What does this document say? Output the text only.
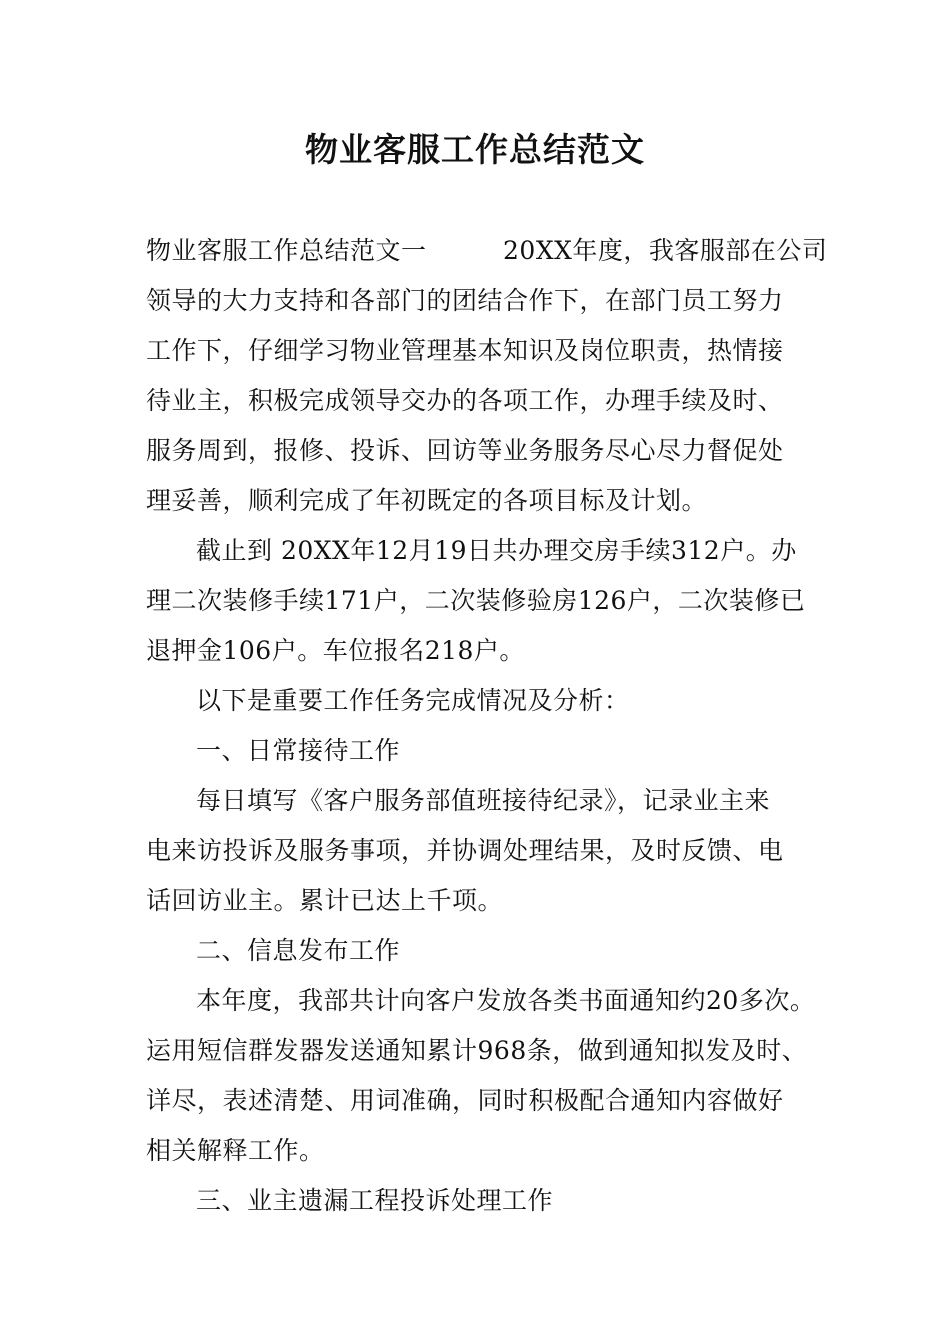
物业客服工作总结范文
物业客服工作总结范文一　　　20XX年度，我客服部在公司
领导的大力支持和各部门的团结合作下，在部门员工努力
工作下，仔细学习物业管理基本知识及岗位职责，热情接
待业主，积极完成领导交办的各项工作，办理手续及时、
服务周到，报修、投诉、回访等业务服务尽心尽力督促处
理妥善，顺利完成了年初既定的各项目标及计划。
截止到 20XX年12月19日共办理交房手续312户。办
理二次装修手续171户，二次装修验房126户，二次装修已
退押金106户。车位报名218户。
以下是重要工作任务完成情况及分析：
一、日常接待工作
每日填写《客户服务部值班接待纪录》，记录业主来
电来访投诉及服务事项，并协调处理结果，及时反馈、电
话回访业主。累计已达上千项。
二、信息发布工作
本年度，我部共计向客户发放各类书面通知约20多次。
运用短信群发器发送通知累计968条，做到通知拟发及时、
详尽，表述清楚、用词准确，同时积极配合通知内容做好
相关解释工作。
三、业主遗漏工程投诉处理工作
